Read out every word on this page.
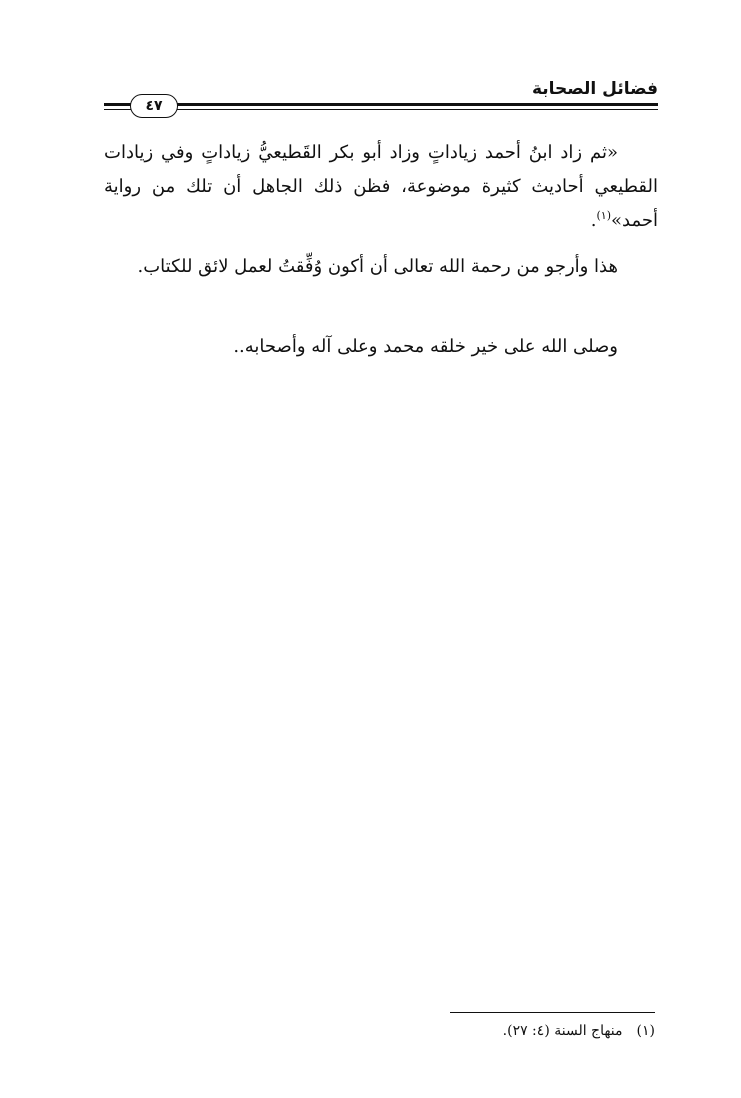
فضائل الصحابة
٤٧
«ثم زاد ابنُ أحمد زياداتٍ وزاد أبو بكر القَطيعيُّ زياداتٍ وفي زيادات القطيعي أحاديث كثيرة موضوعة، فظن ذلك الجاهل أن تلك من رواية أحمد»$^{(١)}$.
هذا وأرجو من رحمة الله تعالى أن أكون وُفِّقتُ لعمل لائق للكتاب.
وصلى الله على خير خلقه محمد وعلى آله وأصحابه..
(١)منهاج السنة (٤: ٢٧).
